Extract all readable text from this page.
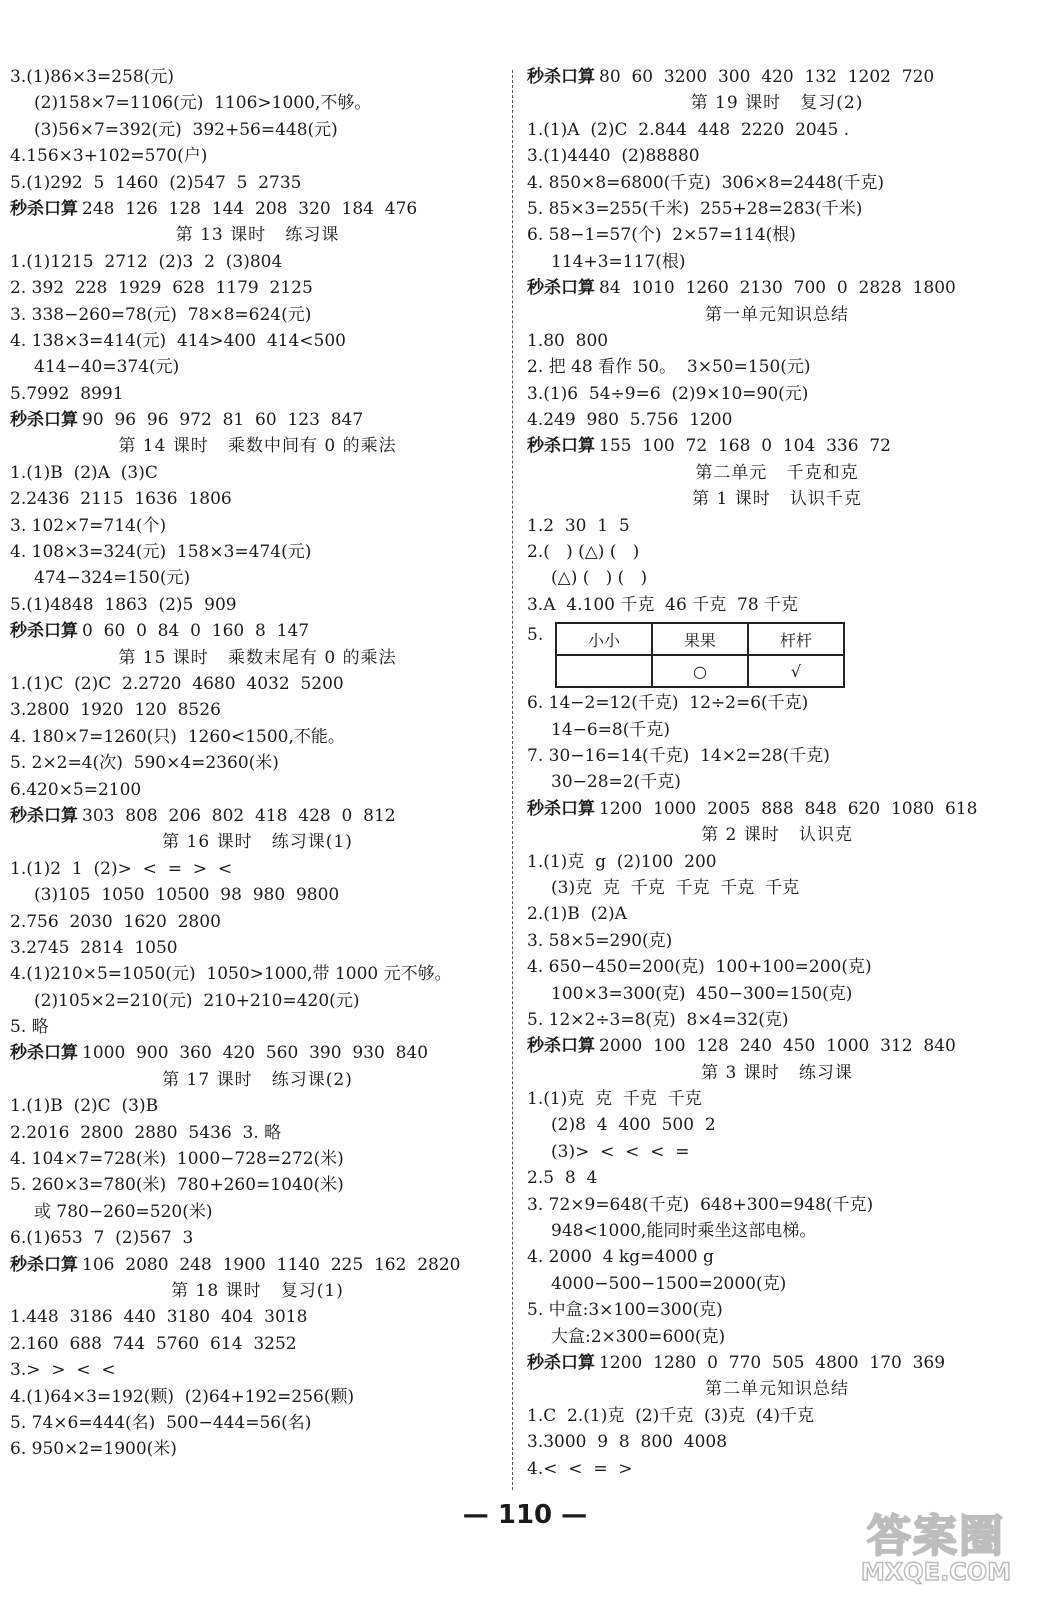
3.(1)86×3=258(元)
(2)158×7=1106(元)  1106>1000,不够。
(3)56×7=392(元)  392+56=448(元)
4.156×3+102=570(户)
5.(1)292  5  1460  (2)547  5  2735
秒杀口算 248  126  128  144  208  320  184  476
第 13 课时   练习课
1.(1)1215  2712  (2)3  2  (3)804
2. 392  228  1929  628  1179  2125
3. 338−260=78(元)  78×8=624(元)
4. 138×3=414(元)  414>400  414<500
414−40=374(元)
5.7992  8991
秒杀口算 90  96  96  972  81  60  123  847
第 14 课时   乘数中间有 0 的乘法
1.(1)B  (2)A  (3)C
2.2436  2115  1636  1806
3. 102×7=714(个)
4. 108×3=324(元)  158×3=474(元)
474−324=150(元)
5.(1)4848  1863  (2)5  909
秒杀口算 0  60  0  84  0  160  8  147
第 15 课时   乘数末尾有 0 的乘法
1.(1)C  (2)C  2.2720  4680  4032  5200
3.2800  1920  120  8526
4. 180×7=1260(只)  1260<1500,不能。
5. 2×2=4(次)  590×4=2360(米)
6.420×5=2100
秒杀口算 303  808  206  802  418  428  0  812
第 16 课时   练习课(1)
1.(1)2  1  (2)>  <  =  >  <
(3)105  1050  10500  98  980  9800
2.756  2030  1620  2800
3.2745  2814  1050
4.(1)210×5=1050(元)  1050>1000,带 1000 元不够。
(2)105×2=210(元)  210+210=420(元)
5. 略
秒杀口算 1000  900  360  420  560  390  930  840
第 17 课时   练习课(2)
1.(1)B  (2)C  (3)B
2.2016  2800  2880  5436  3. 略
4. 104×7=728(米)  1000−728=272(米)
5. 260×3=780(米)  780+260=1040(米)
或 780−260=520(米)
6.(1)653  7  (2)567  3
秒杀口算 106  2080  248  1900  1140  225  162  2820
第 18 课时   复习(1)
1.448  3186  440  3180  404  3018
2.160  688  744  5760  614  3252
3.>  >  <  <
4.(1)64×3=192(颗)  (2)64+192=256(颗)
5. 74×6=444(名)  500−444=56(名)
6. 950×2=1900(米)
秒杀口算 80  60  3200  300  420  132  1202  720
第 19 课时   复习(2)
1.(1)A  (2)C  2.844  448  2220  2045 .
3.(1)4440  (2)88880
4. 850×8=6800(千克)  306×8=2448(千克)
5. 85×3=255(千米)  255+28=283(千米)
6. 58−1=57(个)  2×57=114(根)
114+3=117(根)
秒杀口算 84  1010  1260  2130  700  0  2828  1800
第一单元知识总结
1.80  800
2. 把 48 看作 50。  3×50=150(元)
3.(1)6  54÷9=6  (2)9×10=90(元)
4.249  980  5.756  1200
秒杀口算 155  100  72  168  0  104  336  72
第二单元   千克和克
第 1 课时   认识千克
1.2  30  1  5
2.(   ) (△) (   )
(△) (   ) (   )
3.A  4.100 千克  46 千克  78 千克
5.	小小	果果	杆杆
	○	√
6. 14−2=12(千克)  12÷2=6(千克)
14−6=8(千克)
7. 30−16=14(千克)  14×2=28(千克)
30−28=2(千克)
秒杀口算 1200  1000  2005  888  848  620  1080  618
第 2 课时   认识克
1.(1)克  g  (2)100  200
(3)克  克  千克  千克  千克  千克
2.(1)B  (2)A
3. 58×5=290(克)
4. 650−450=200(克)  100+100=200(克)
100×3=300(克)  450−300=150(克)
5. 12×2÷3=8(克)  8×4=32(克)
秒杀口算 2000  100  128  240  450  1000  312  840
第 3 课时   练习课
1.(1)克  克  千克  千克
(2)8  4  400  500  2
(3)>  <  <  <  =
2.5  8  4
3. 72×9=648(千克)  648+300=948(千克)
948<1000,能同时乘坐这部电梯。
4. 2000  4 kg=4000 g
4000−500−1500=2000(克)
5. 中盒:3×100=300(克)
大盒:2×300=600(克)
秒杀口算 1200  1280  0  770  505  4800  170  369
第二单元知识总结
1.C  2.(1)克  (2)千克  (3)克  (4)千克
3.3000  9  8  800  4008
4.<  <  =  >
— 110 —	答案圈
MXQE.COM
